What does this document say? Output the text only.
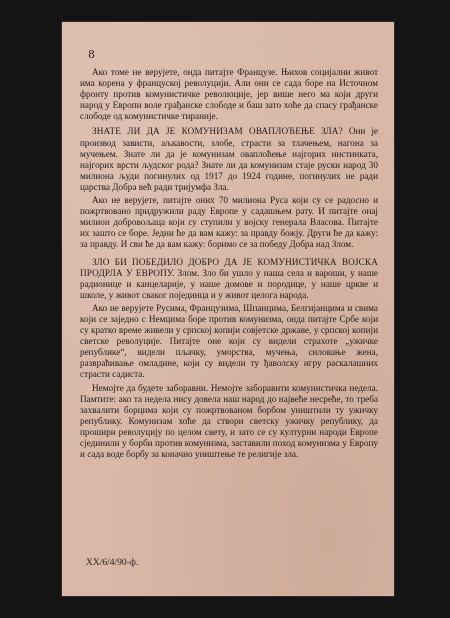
8

Ако томе не верујете, онда питајте Французе. Њихов социјални живот има корена у француској револуцији. Али они се сада боре на Источном фронту против комунистичке революције, јер више него ма који други народ у Европи воле грађанске слободе и баш зато хоће да спасу грађанске слободе од комунистичке тираније.

ЗНАТЕ ЛИ ДА ЈЕ КОМУНИЗАМ ОВАПЛОЋЕЊЕ ЗЛА? Они је производ зависти, аљкавости, злобе, страсти за тлачењем, нагона за мучењем. Знате ли да је комунизам оваплоћење најгорих инстинката, најгорих врсти људског рода? Знате ли да комунизам стаје руски народ 30 милиона људи погинулих од 1917 до 1924 године, погинулих не ради царства Добра већ ради тријумфа Зла.

Ако не верујете, питајте оних 70 милиона Руса који су се радосно и пожртвовано придружили раду Европе у садашњем рату. И питајте онај милион добровољаца који су ступили у војску генерала Власова. Питајте их зашто се боре. Једни ће да вам кажу: за правду божју. Други ће да кажу: за правду. И сви ће да вам кажу: боримо се за победу Добра над Злом.

ЗЛО БИ ПОБЕДИЛО ДОБРО ДА ЈЕ КОМУНИСТИЧКА ВОЈСКА ПРОДРЛА У ЕВРОПУ. Злом. Зло би ушло у наша села и вароши, у наше радионице и канцеларије, у наше домове и породице, у наше цркве и школе, у живот сваког појединца и у живот целога народа.

Ако не верујете Русима, Французима, Шпанцима, Белгијанцима и свима који се заједно с Немцима боре против комунизма, онда питајте Србе који су кратко време живели у српској копији совјетске државе, у српској копији светске револуције. Питајте оне који су видели страхоте „ужичке републике“, видели пљачку, уморства, мучења, силовање жена, развраћивање омладине, који су видели ту ђаволску игру раскалашних страсти садиста.

Немојте да будете заборавни. Немојте заборавити комунистичка недела. Памтите: ако та недела нису довела наш народ до највеће несреће, то треба захвалити борцима који су пожртвованом борбом уништили ту ужичку републику. Комунизам хоће да створи светску ужичку републику, да прошири револуцију по целом свету, и зато се су културни народи Европе сјединили у борби против комунизма, заставили поход комунизма у Европу и сада воде борбу за коначно уништење те религије зла.

XX/6/4/90-ф.
